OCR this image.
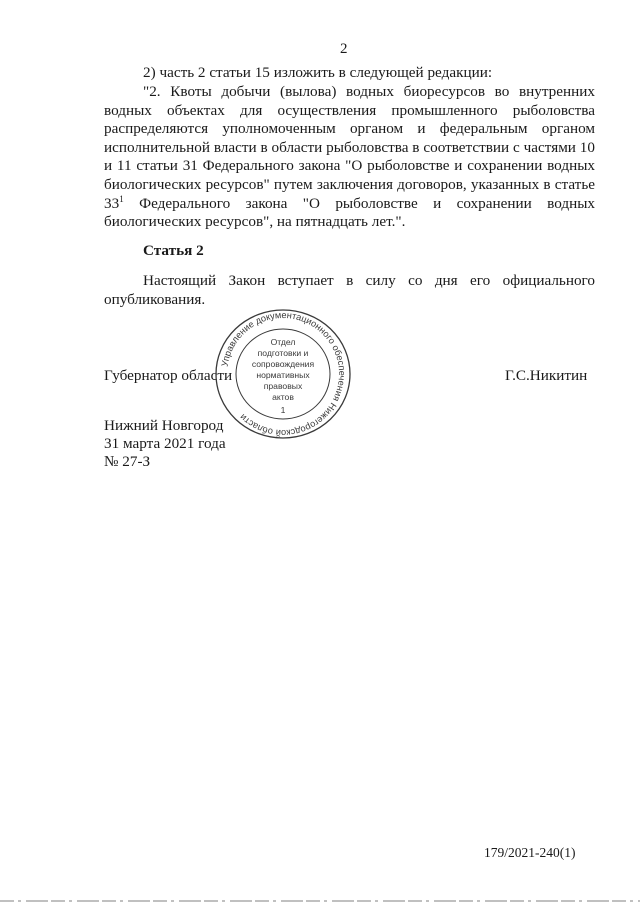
2

2) часть 2 статьи 15 изложить в следующей редакции:

"2. Квоты добычи (вылова) водных биоресурсов во внутренних водных объектах для осуществления промышленного рыболовства распределяются уполномоченным органом и федеральным органом исполнительной власти в области рыболовства в соответствии с частями 10 и 11 статьи 31 Федерального закона "О рыболовстве и сохранении водных биологических ресурсов" путем заключения договоров, указанных в статье $33^1$ Федерального закона "О рыболовстве и сохранении водных биологических ресурсов", на пятнадцать лет.".

Статья 2

Настоящий Закон вступает в силу со дня его официального опубликования.

Губернатор области	Г.С.Никитин
Нижний Новгород
31 марта 2021 года
№ 27-З
Управление документационного обеспечения Нижегородской области
Отдел
подготовки и
сопровождения
нормативных
правовых
актов
1
179/2021-240(1)
